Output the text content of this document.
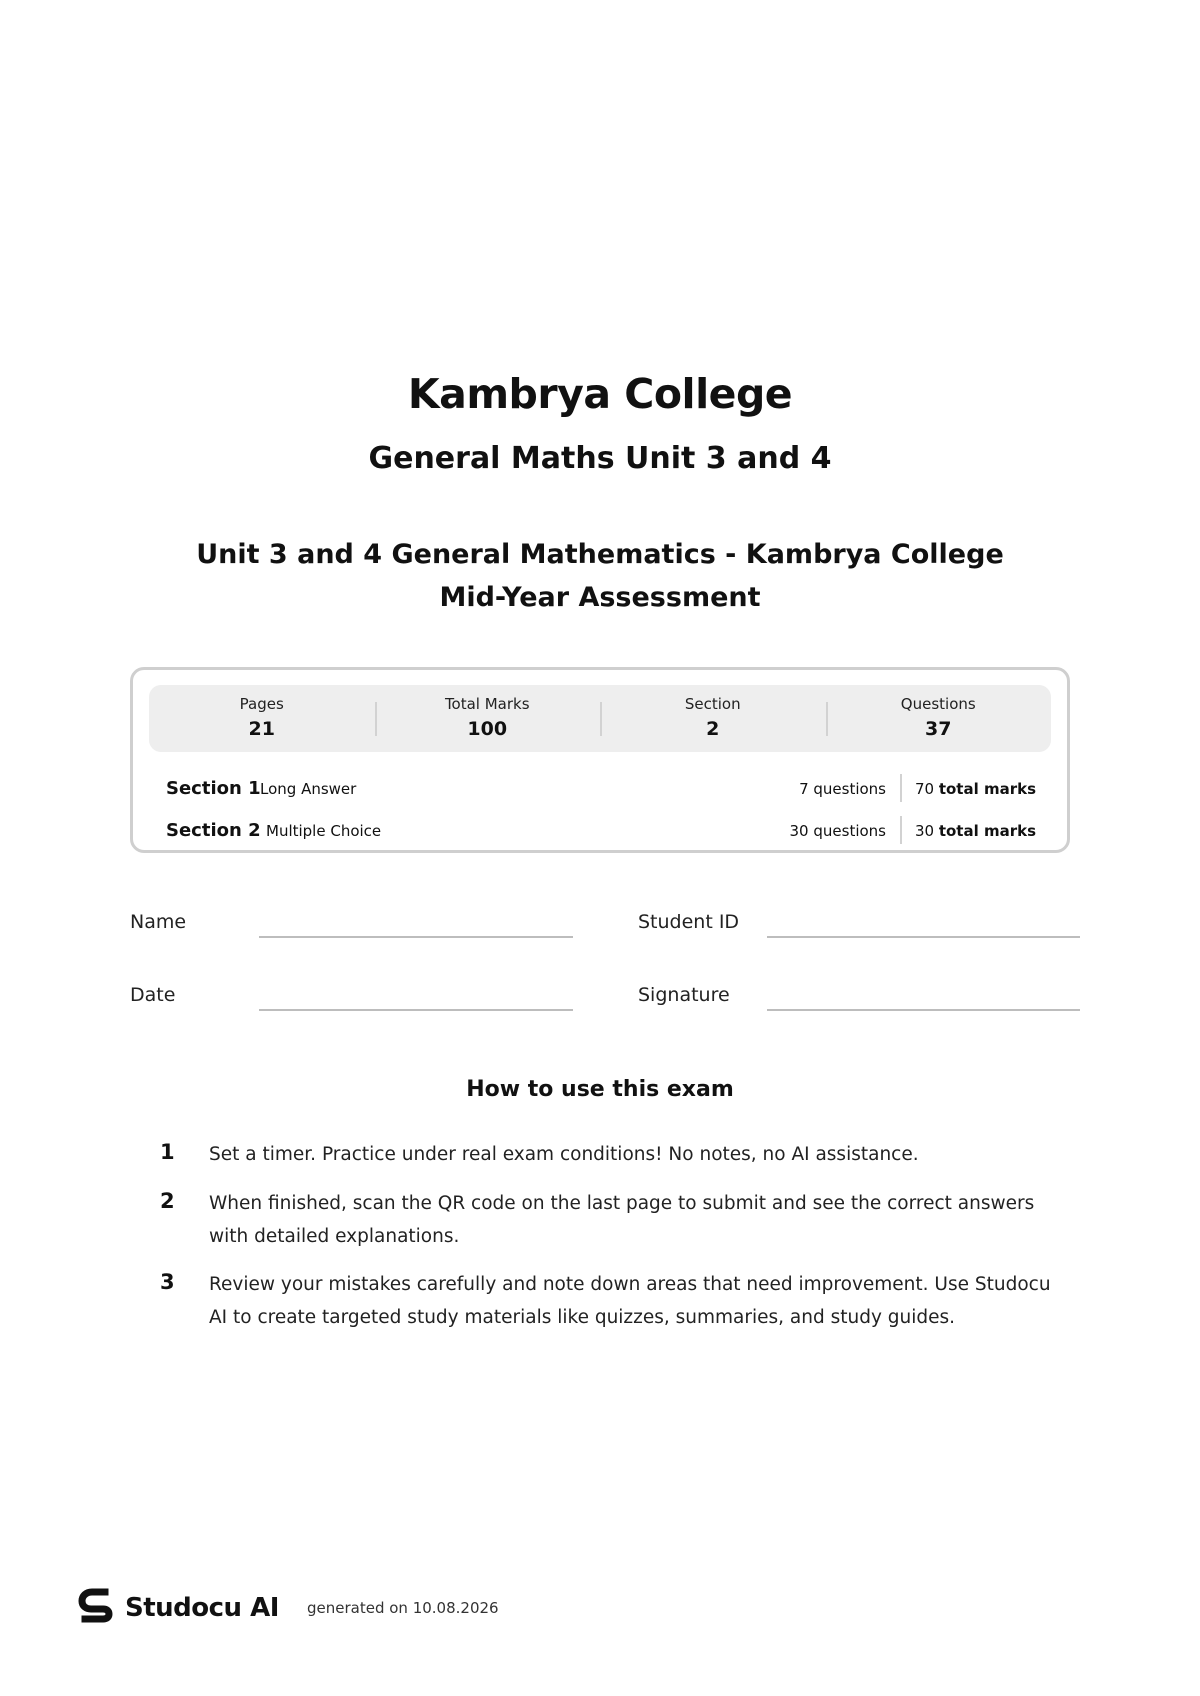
Kambrya College
General Maths Unit 3 and 4
Unit 3 and 4 General Mathematics - Kambrya College
Mid-Year Assessment
Pages
21
Total Marks
100
Section
2
Questions
37
Section 1 Long Answer	7 questions 70 total marks
Section 2 Multiple Choice	30 questions 30 total marks
Name	Student ID
Date	Signature
How to use this exam
1 Set a timer. Practice under real exam conditions! No notes, no AI assistance.
2 When finished, scan the QR code on the last page to submit and see the correct answers with detailed explanations.
3 Review your mistakes carefully and note down areas that need improvement. Use Studocu AI to create targeted study materials like quizzes, summaries, and study guides.
Studocu AI generated on 10.08.2026
